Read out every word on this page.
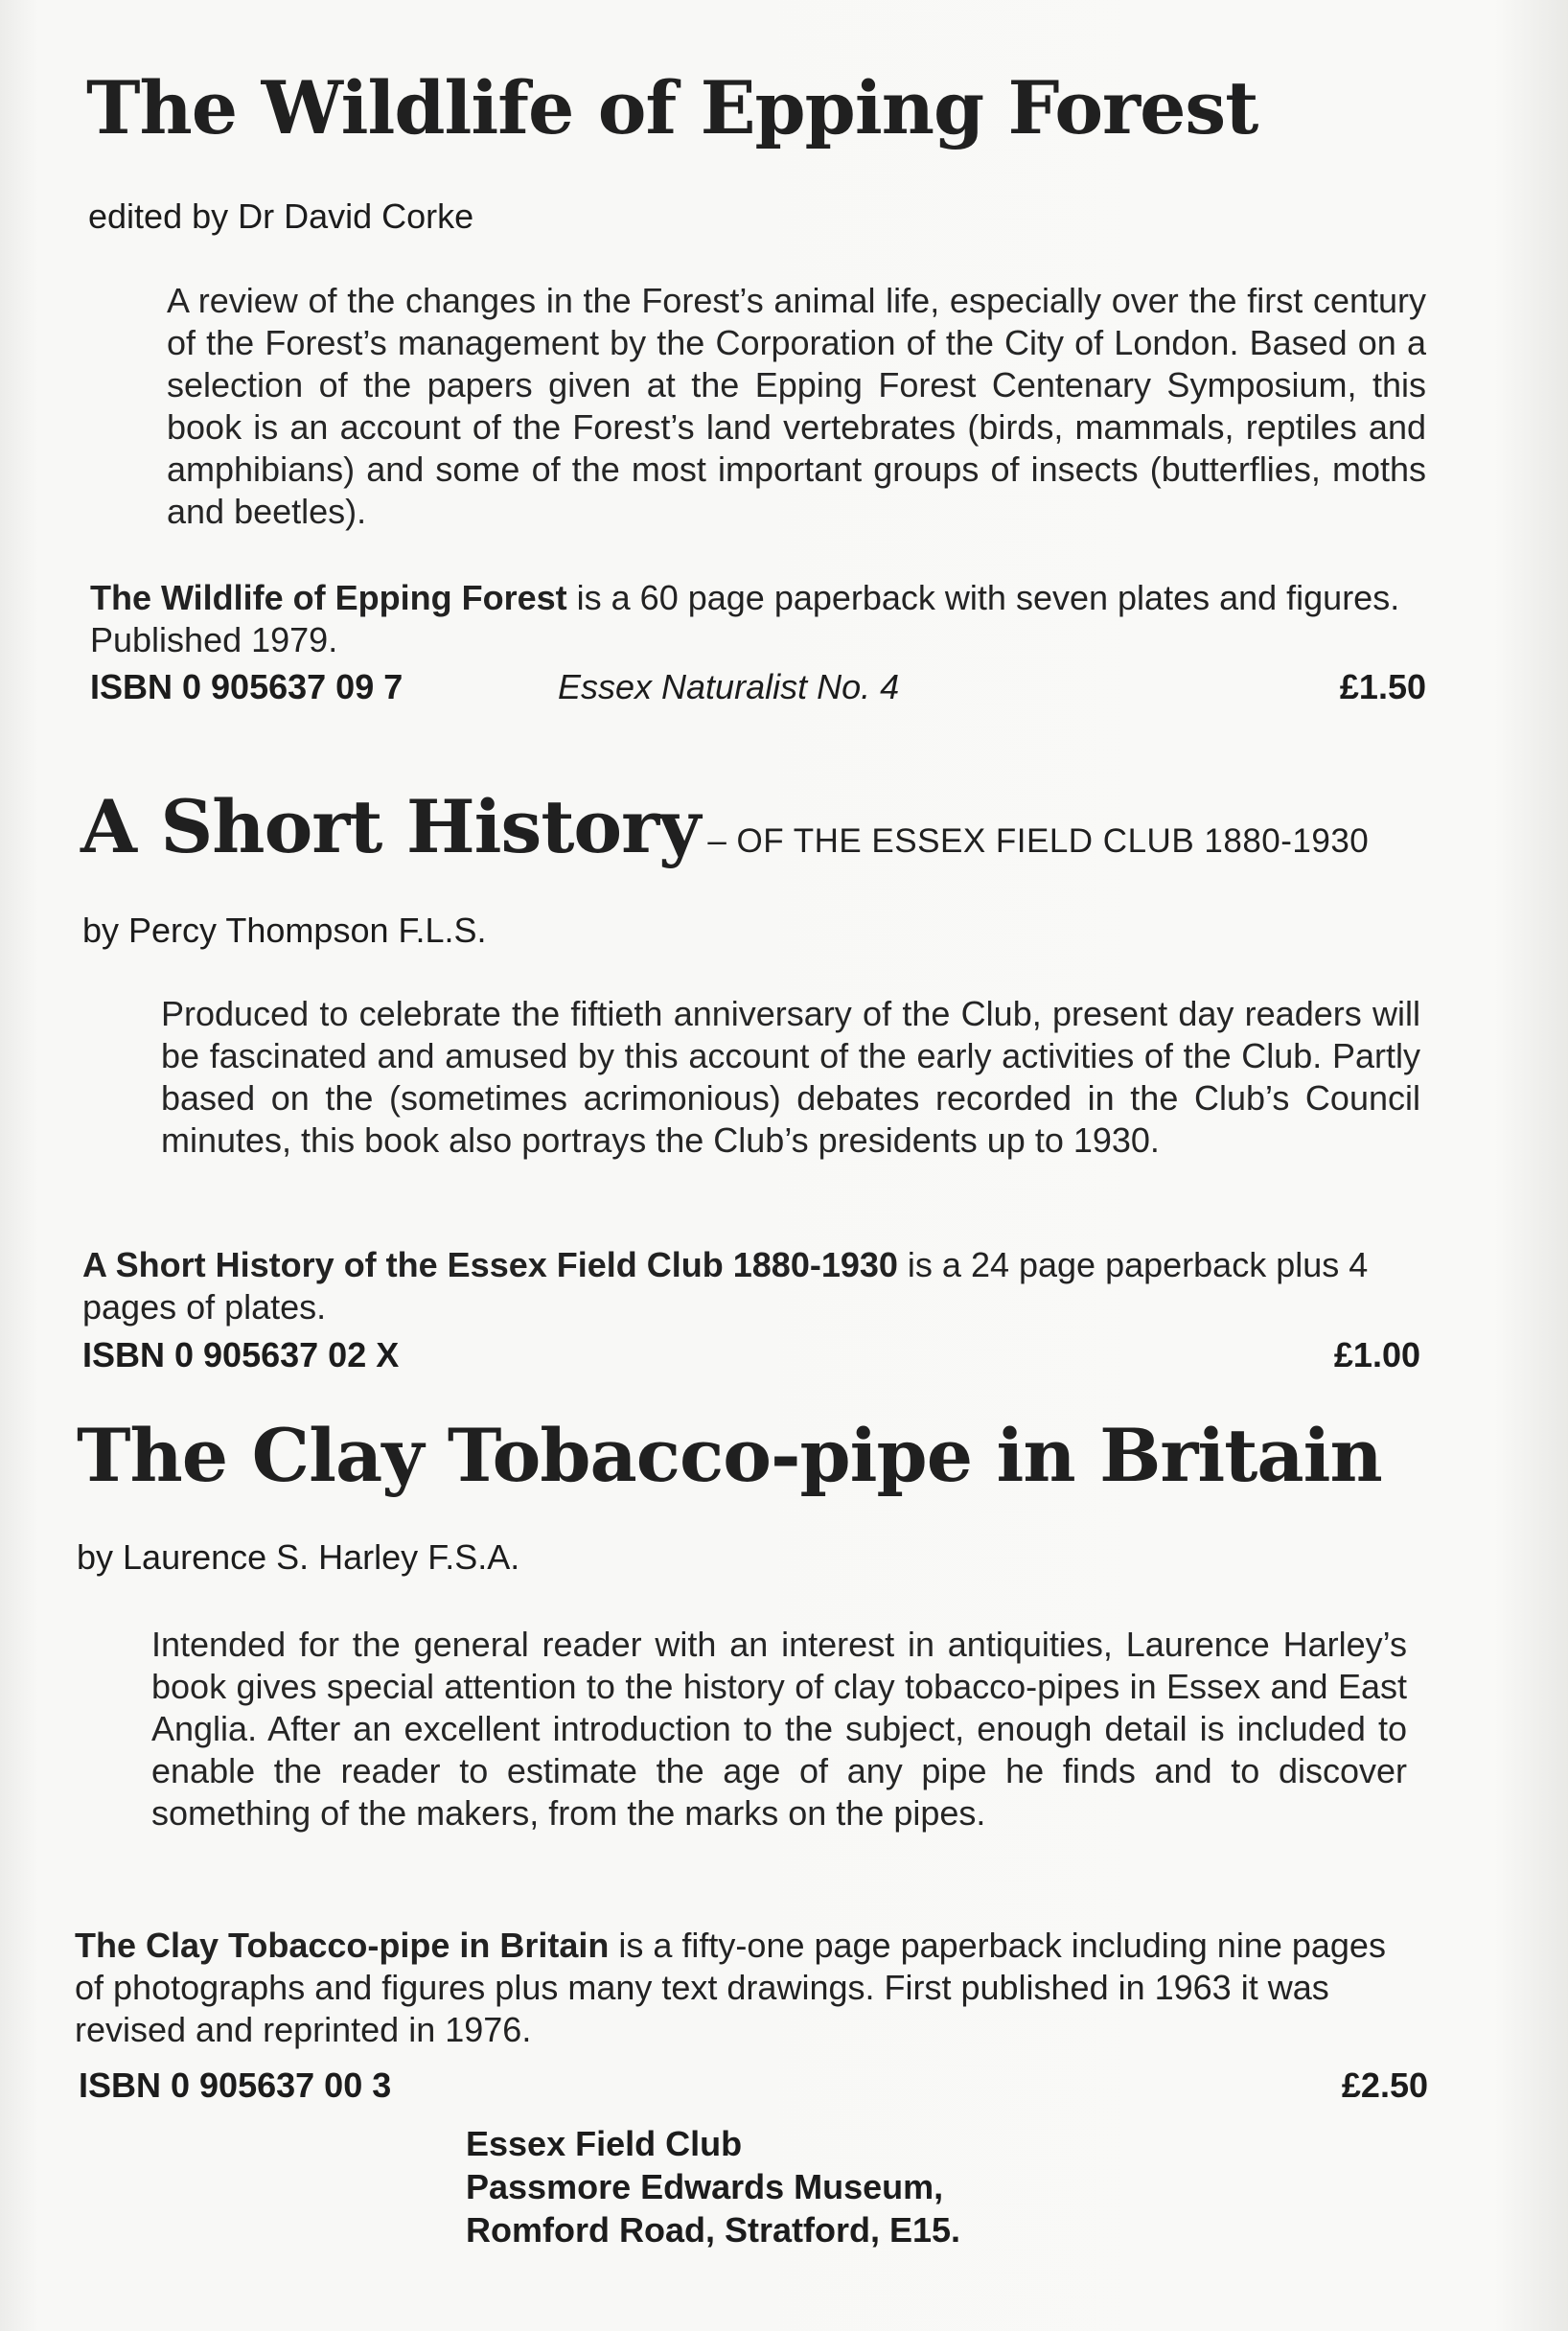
The Wildlife of Epping Forest
edited by Dr David Corke
A review of the changes in the Forest’s animal life, especially over the first century of the Forest’s management by the Corporation of the City of London. Based on a selection of the papers given at the Epping Forest Centenary Symposium, this book is an account of the Forest’s land vertebrates (birds, mammals, reptiles and amphibians) and some of the most important groups of insects (butterflies, moths and beetles).
The Wildlife of Epping Forest is a 60 page paperback with seven plates and figures. Published 1979.
ISBN 0 905637 09 7	Essex Naturalist No. 4	£1.50
A Short History – OF THE ESSEX FIELD CLUB 1880-1930
by Percy Thompson F.L.S.
Produced to celebrate the fiftieth anniversary of the Club, present day readers will be fascinated and amused by this account of the early activities of the Club. Partly based on the (sometimes acrimonious) debates recorded in the Club’s Council minutes, this book also portrays the Club’s presidents up to 1930.
A Short History of the Essex Field Club 1880-1930 is a 24 page paperback plus 4 pages of plates.
ISBN 0 905637 02 X	£1.00
The Clay Tobacco-pipe in Britain
by Laurence S. Harley F.S.A.
Intended for the general reader with an interest in antiquities, Laurence Harley’s book gives special attention to the history of clay tobacco-pipes in Essex and East Anglia. After an excellent introduction to the subject, enough detail is included to enable the reader to estimate the age of any pipe he finds and to discover something of the makers, from the marks on the pipes.
The Clay Tobacco-pipe in Britain is a fifty-one page paperback including nine pages of photographs and figures plus many text drawings. First published in 1963 it was revised and reprinted in 1976.
ISBN 0 905637 00 3	£2.50
Essex Field Club
Passmore Edwards Museum,
Romford Road, Stratford, E15.
